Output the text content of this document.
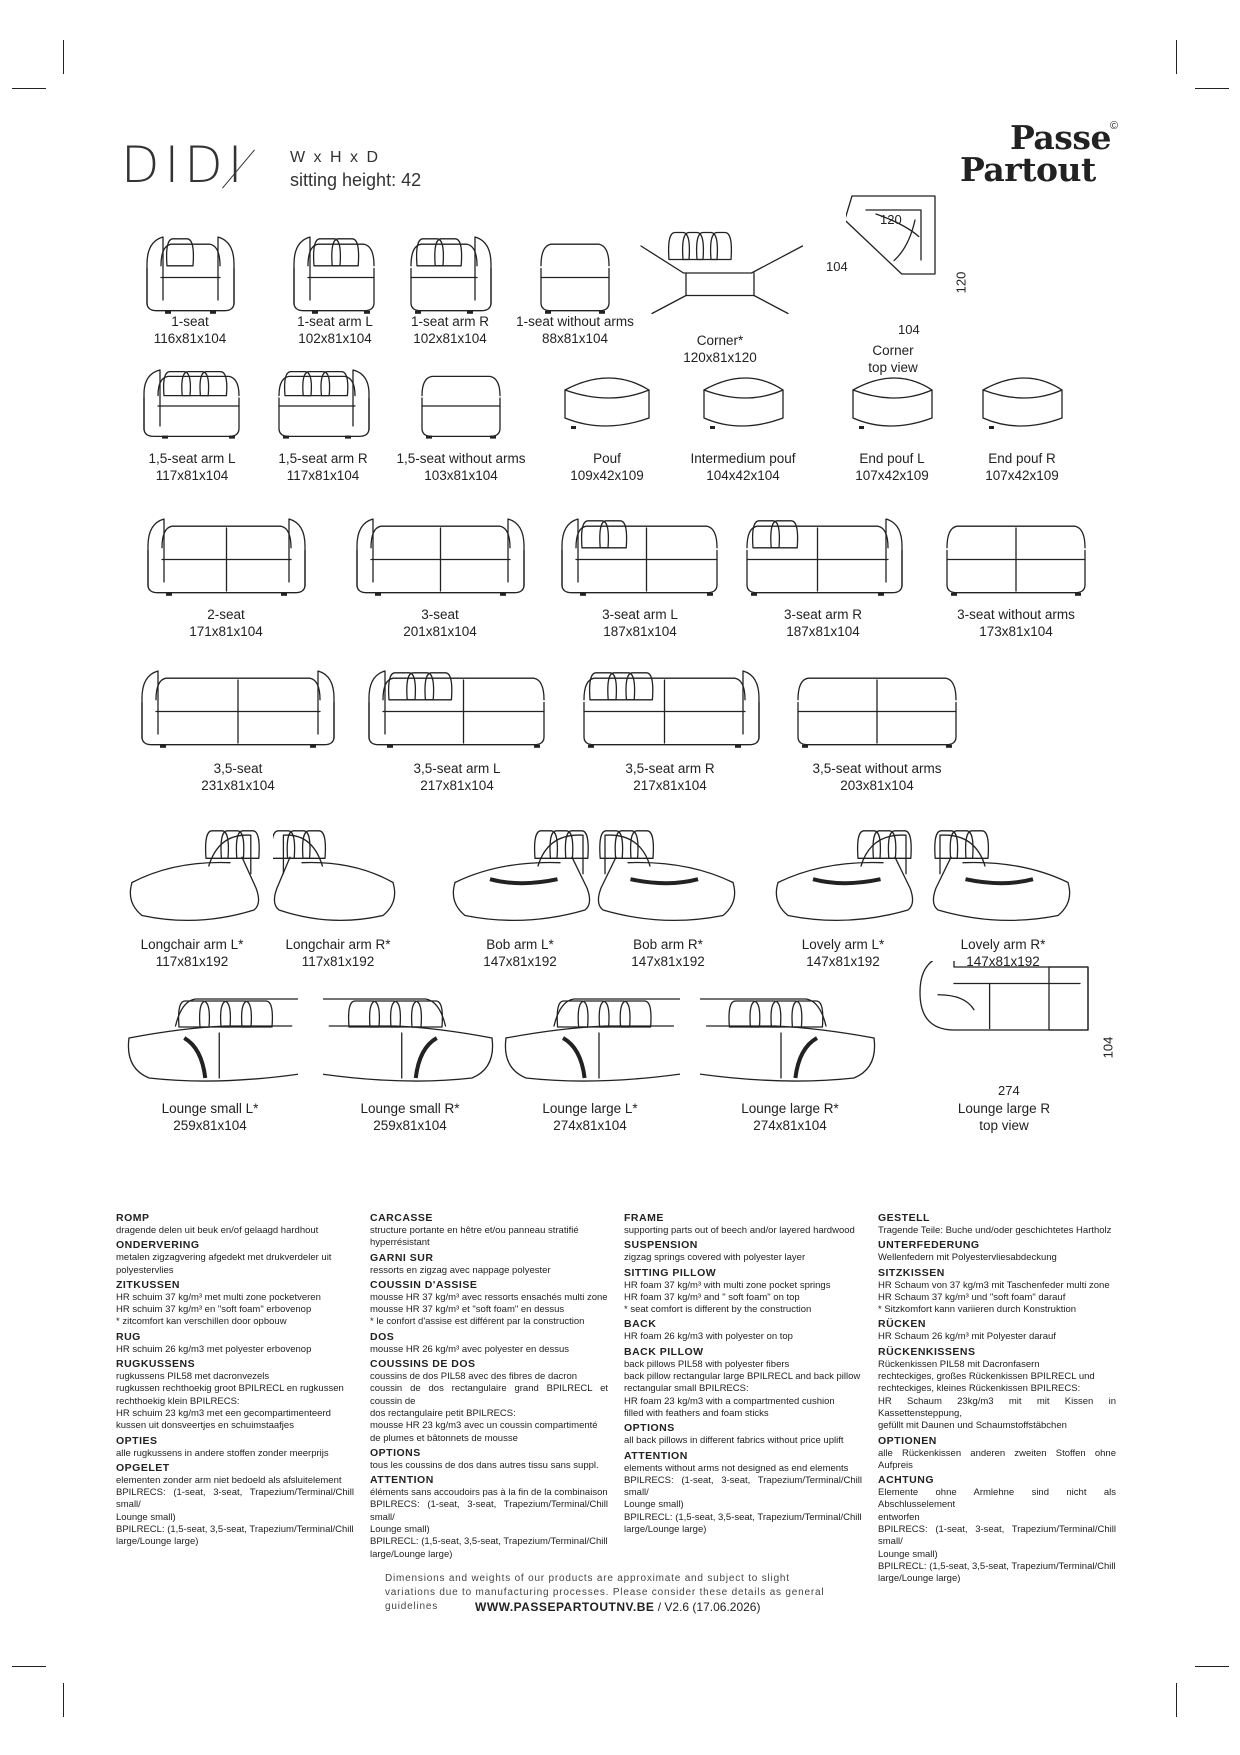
DIDI	W x H x D
sitting height: 42
Passe
Partout
©
1-seat
116x81x104
1-seat arm L
102x81x104
1-seat arm R
102x81x104
1-seat without arms
88x81x104	Corner*
120x81x120	Corner
top view
1,5-seat arm L
117x81x104
1,5-seat arm R
117x81x104
1,5-seat without arms
103x81x104
Pouf
109x42x109
Intermedium pouf
104x42x104
End pouf L
107x42x109
End pouf R
107x42x109
2-seat
171x81x104
3-seat
201x81x104
3-seat arm L
187x81x104
3-seat arm R
187x81x104
3-seat without arms
173x81x104
3,5-seat
231x81x104
3,5-seat arm L
217x81x104
3,5-seat arm R
217x81x104
3,5-seat without arms
203x81x104
Longchair arm L*
117x81x192
Longchair arm R*
117x81x192
Bob arm L*
147x81x192
Bob arm R*
147x81x192
Lovely arm L*
147x81x192
Lovely arm R*
147x81x192
Lounge small L*
259x81x104
Lounge small R*
259x81x104
Lounge large L*
274x81x104
Lounge large R*
274x81x104
Lounge large R
top view
120
104
120
104
274
104
ROMP
dragende delen uit beuk en/of gelaagd hardhout
ONDERVERING
metalen zigzagvering afgedekt met drukverdeler uit
polyestervlies
ZITKUSSEN
HR schuim 37 kg/m³ met multi zone pocketveren
HR schuim 37 kg/m³ en "soft foam" erbovenop
* zitcomfort kan verschillen door opbouw
RUG
HR schuim 26 kg/m3 met polyester erbovenop
RUGKUSSENS
rugkussens PIL58 met dacronvezels
rugkussen rechthoekig groot BPILRECL en rugkussen
rechthoekig klein BPILRECS:
HR schuim 23 kg/m3 met een gecompartimenteerd
kussen uit donsveertjes en schuimstaafjes
OPTIES
alle rugkussens in andere stoffen zonder meerprijs
OPGELET
elementen zonder arm niet bedoeld als afsluitelement
BPILRECS: (1-seat, 3-seat, Trapezium/Terminal/Chill small/
Lounge small)
BPILRECL: (1,5-seat, 3,5-seat, Trapezium/Terminal/Chill
large/Lounge large)
CARCASSE
structure portante en hêtre et/ou panneau stratifié
hyperrésistant
GARNI SUR
ressorts en zigzag avec nappage polyester
COUSSIN D'ASSISE
mousse HR 37 kg/m³ avec ressorts ensachés multi zone
mousse HR 37 kg/m³ et "soft foam" en dessus
* le confort d'assise est différent par la construction
DOS
mousse HR 26 kg/m³ avec polyester en dessus
COUSSINS DE DOS
coussins de dos PIL58 avec des fibres de dacron
coussin de dos rectangulaire grand BPILRECL et coussin de
dos rectangulaire petit BPILRECS:
mousse HR 23 kg/m3 avec un coussin compartimenté
de plumes et bâtonnets de mousse
OPTIONS
tous les coussins de dos dans autres tissu sans suppl.
ATTENTION
éléments sans accoudoirs pas à la fin de la combinaison
BPILRECS: (1-seat, 3-seat, Trapezium/Terminal/Chill small/
Lounge small)
BPILRECL: (1,5-seat, 3,5-seat, Trapezium/Terminal/Chill
large/Lounge large)
FRAME
supporting parts out of beech and/or layered hardwood
SUSPENSION
zigzag springs covered with polyester layer
SITTING PILLOW
HR foam 37 kg/m³ with multi zone pocket springs
HR foam 37 kg/m³ and " soft foam" on top
* seat comfort is different by the construction
BACK
HR foam 26 kg/m3 with polyester on top
BACK PILLOW
back pillows PIL58 with polyester fibers
back pillow rectangular large BPILRECL and back pillow
rectangular small BPILRECS:
HR foam 23 kg/m3 with a compartmented cushion
filled with feathers and foam sticks
OPTIONS
all back pillows in different fabrics without price uplift
ATTENTION
elements without arms not designed as end elements
BPILRECS: (1-seat, 3-seat, Trapezium/Terminal/Chill small/
Lounge small)
BPILRECL: (1,5-seat, 3,5-seat, Trapezium/Terminal/Chill
large/Lounge large)
GESTELL
Tragende Teile: Buche und/oder geschichtetes Hartholz
UNTERFEDERUNG
Wellenfedern mit Polyestervliesabdeckung
SITZKISSEN
HR Schaum von 37 kg/m3 mit Taschenfeder multi zone
HR Schaum 37 kg/m³ und "soft foam" darauf
* Sitzkomfort kann variieren durch Konstruktion
RÜCKEN
HR Schaum 26 kg/m³ mit Polyester darauf
RÜCKENKISSENS
Rückenkissen PIL58 mit Dacronfasern
rechteckiges, großes Rückenkissen BPILRECL und
rechteckiges, kleines Rückenkissen BPILRECS:
HR Schaum 23kg/m3 mit mit Kissen in Kassettensteppung,
gefüllt mit Daunen und Schaumstoffstäbchen
OPTIONEN
alle Rückenkissen anderen zweiten Stoffen ohne Aufpreis
ACHTUNG
Elemente ohne Armlehne sind nicht als Abschlusselement
entworfen
BPILRECS: (1-seat, 3-seat, Trapezium/Terminal/Chill small/
Lounge small)
BPILRECL: (1,5-seat, 3,5-seat, Trapezium/Terminal/Chill
large/Lounge large)
Dimensions and weights of our products are approximate and subject to slight
variations due to manufacturing processes. Please consider these details as general guidelines	WWW.PASSEPARTOUTNV.BE / V2.6 (17.06.2026)
